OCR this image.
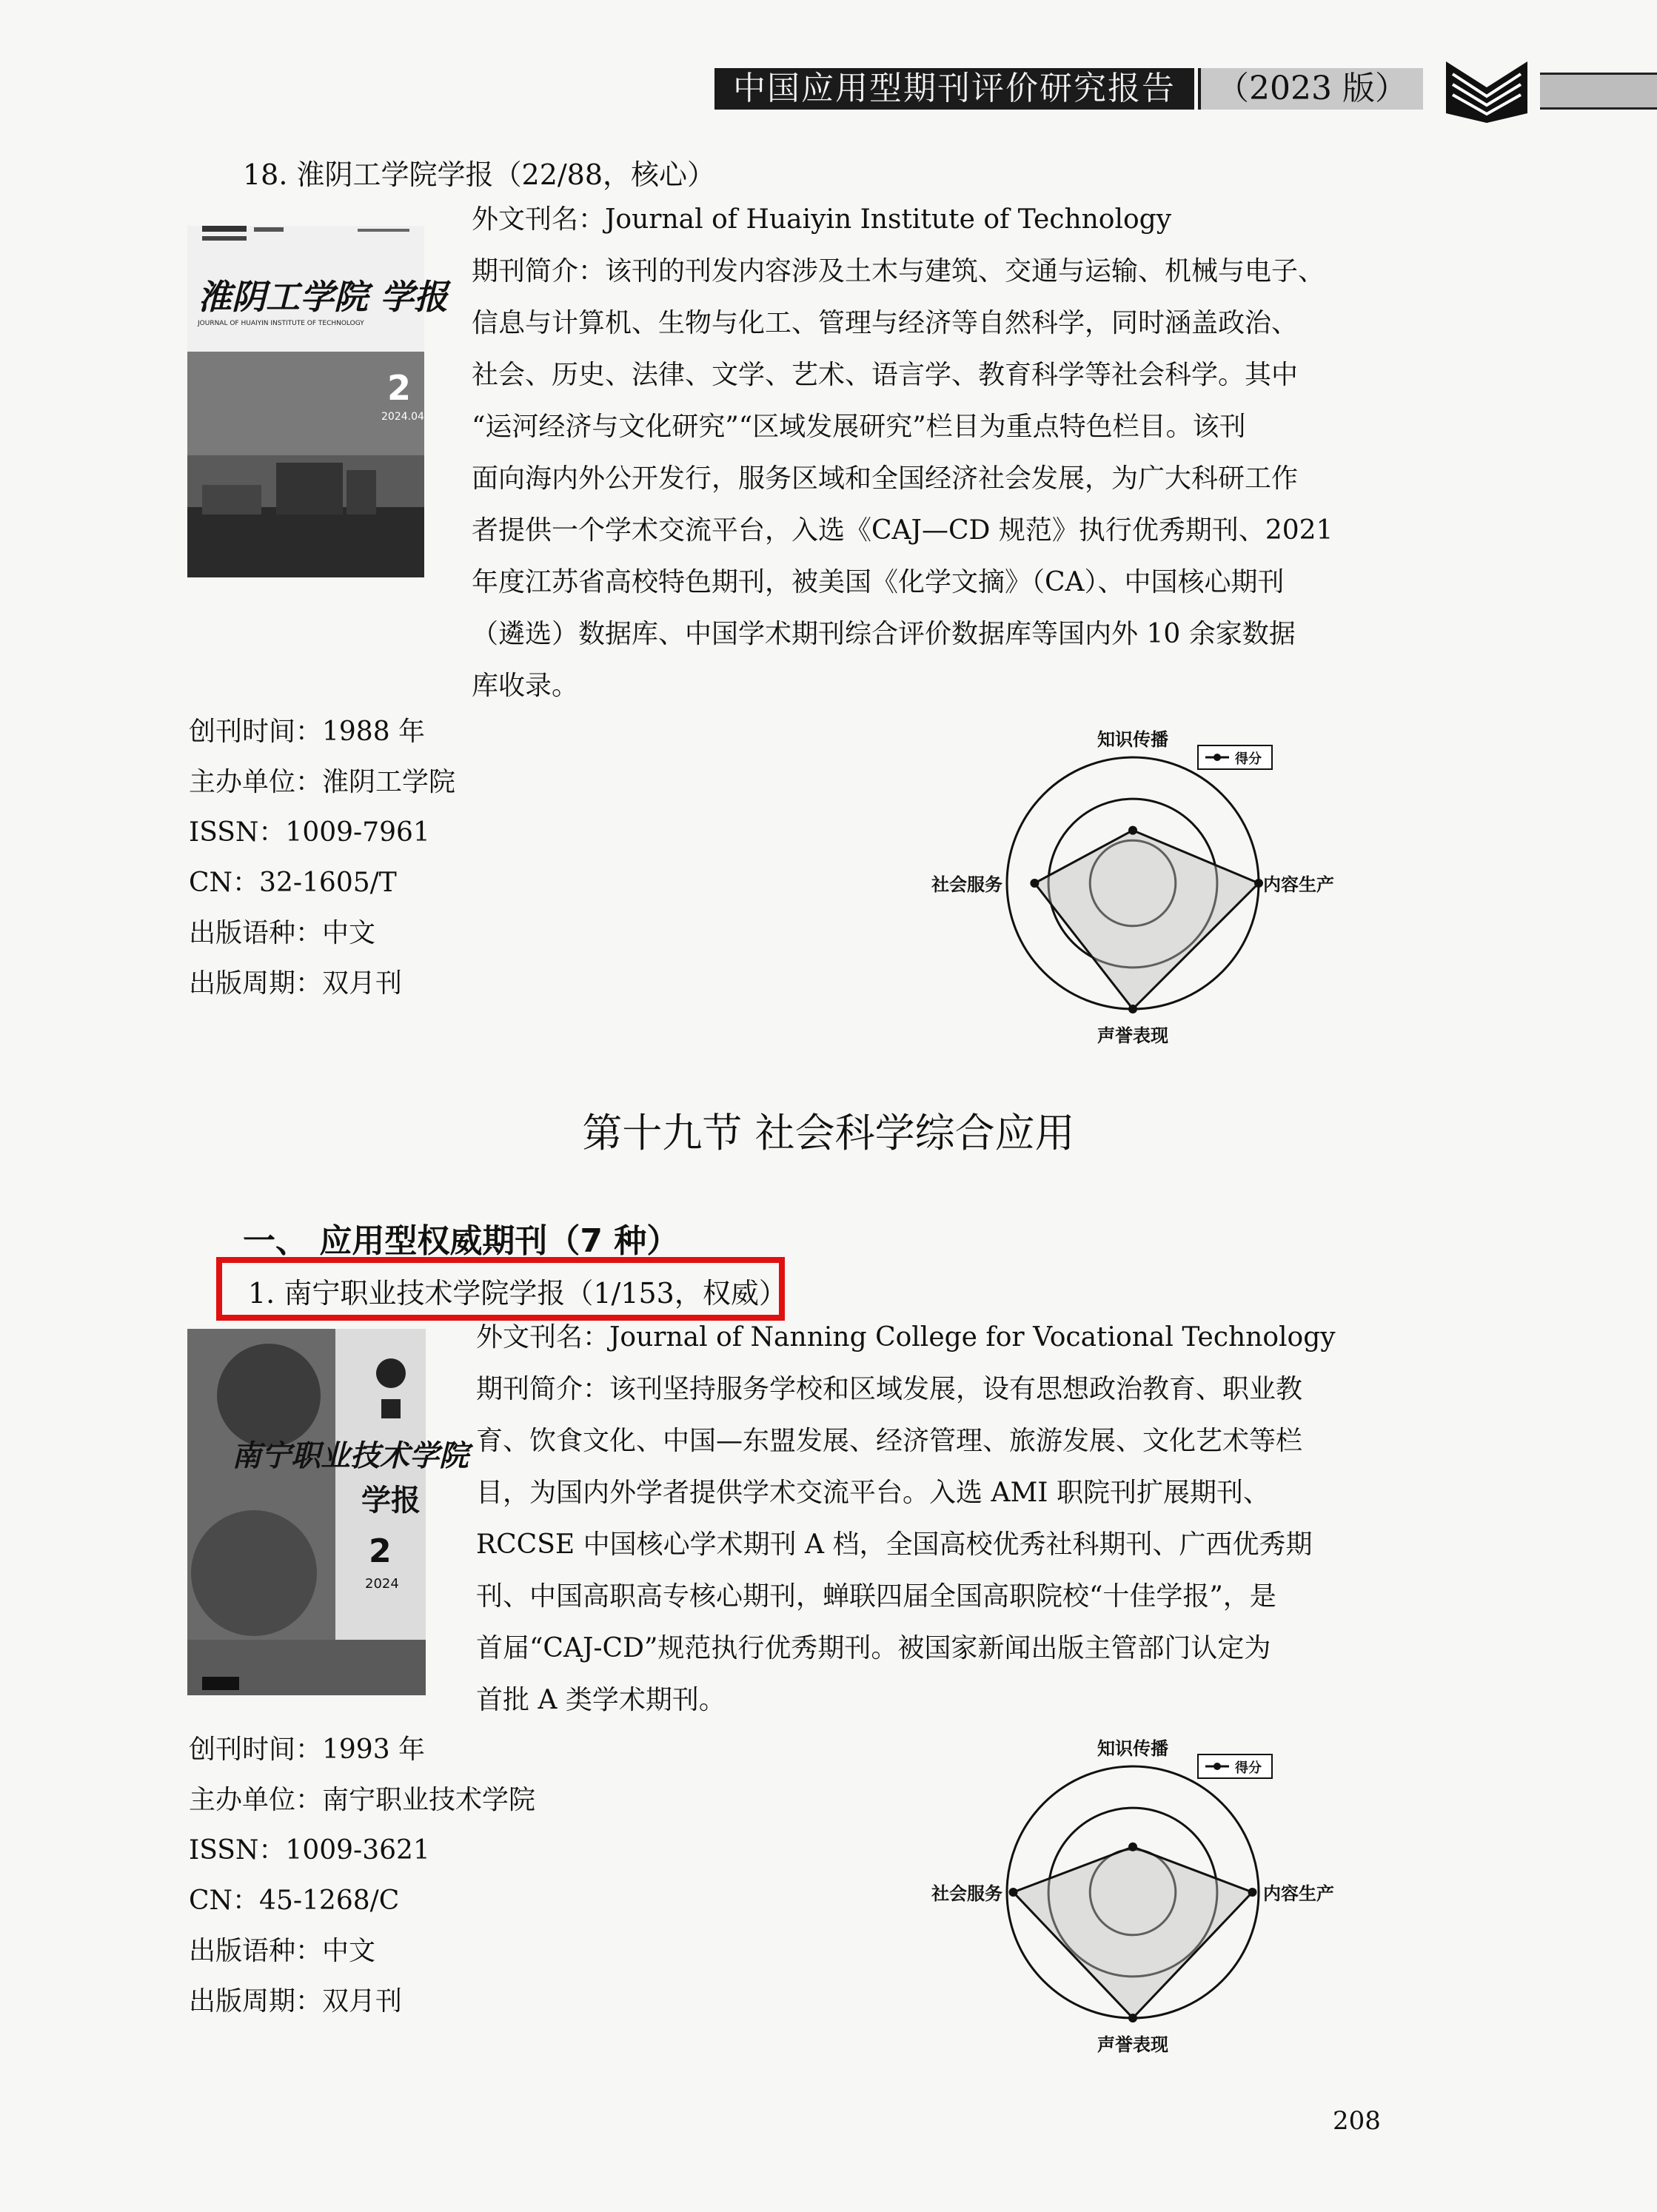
中国应用型期刊评价研究报告	（2023 版）
18. 淮阴工学院学报（22/88，核心）
淮阴工学院 学报
JOURNAL OF HUAIYIN INSTITUTE OF TECHNOLOGY
2
2024.04
外文刊名：Journal of Huaiyin Institute of Technology
期刊简介：该刊的刊发内容涉及土木与建筑、交通与运输、机械与电子、
信息与计算机、生物与化工、管理与经济等自然科学，同时涵盖政治、
社会、历史、法律、文学、艺术、语言学、教育科学等社会科学。其中
“运河经济与文化研究”“区域发展研究”栏目为重点特色栏目。该刊
面向海内外公开发行，服务区域和全国经济社会发展，为广大科研工作
者提供一个学术交流平台，入选《CAJ—CD 规范》执行优秀期刊、2021
年度江苏省高校特色期刊，被美国《化学文摘》（CA）、中国核心期刊
（遴选）数据库、中国学术期刊综合评价数据库等国内外 10 余家数据
库收录。
创刊时间：1988 年
主办单位：淮阴工学院
ISSN：1009-7961
CN：32-1605/T
出版语种：中文
出版周期：双月刊
知识传播
内容生产
声誉表现
社会服务
得分
第十九节 社会科学综合应用
一、 应用型权威期刊（7 种）
1. 南宁职业技术学院学报（1/153，权威）
南宁职业技术学院
学报
2
2024
外文刊名：Journal of Nanning College for Vocational Technology
期刊简介：该刊坚持服务学校和区域发展，设有思想政治教育、职业教
育、饮食文化、中国—东盟发展、经济管理、旅游发展、文化艺术等栏
目，为国内外学者提供学术交流平台。入选 AMI 职院刊扩展期刊、
RCCSE 中国核心学术期刊 A 档，全国高校优秀社科期刊、广西优秀期
刊、中国高职高专核心期刊，蝉联四届全国高职院校“十佳学报”，是
首届“CAJ-CD”规范执行优秀期刊。被国家新闻出版主管部门认定为
首批 A 类学术期刊。
创刊时间：1993 年
主办单位：南宁职业技术学院
ISSN：1009-3621
CN：45-1268/C
出版语种：中文
出版周期：双月刊
知识传播
内容生产
声誉表现
社会服务
得分
208
